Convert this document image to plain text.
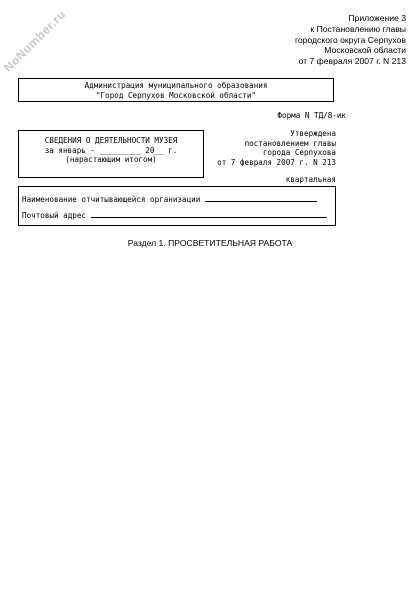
NoNumber.ru	Приложение 3
к Постановлению главы
городского округа Серпухов
Московской области
от 7 февраля 2007 г. N 213
Администрация муниципального образования
"Город Серпухов Московской области"
Форма N ТД/8-ик
СВЕДЕНИЯ О ДЕЯТЕЛЬНОСТИ МУЗЕЯ
за январь - _________ 20__ г.
(нарастающим итогом)
Утверждена
постановлением главы
города Серпухова
от 7 февраля 2007 г. N 213
квартальная
Наименование отчитывающейся организации
Почтовый адрес
Раздел 1. ПРОСВЕТИТЕЛЬНАЯ РАБОТА
